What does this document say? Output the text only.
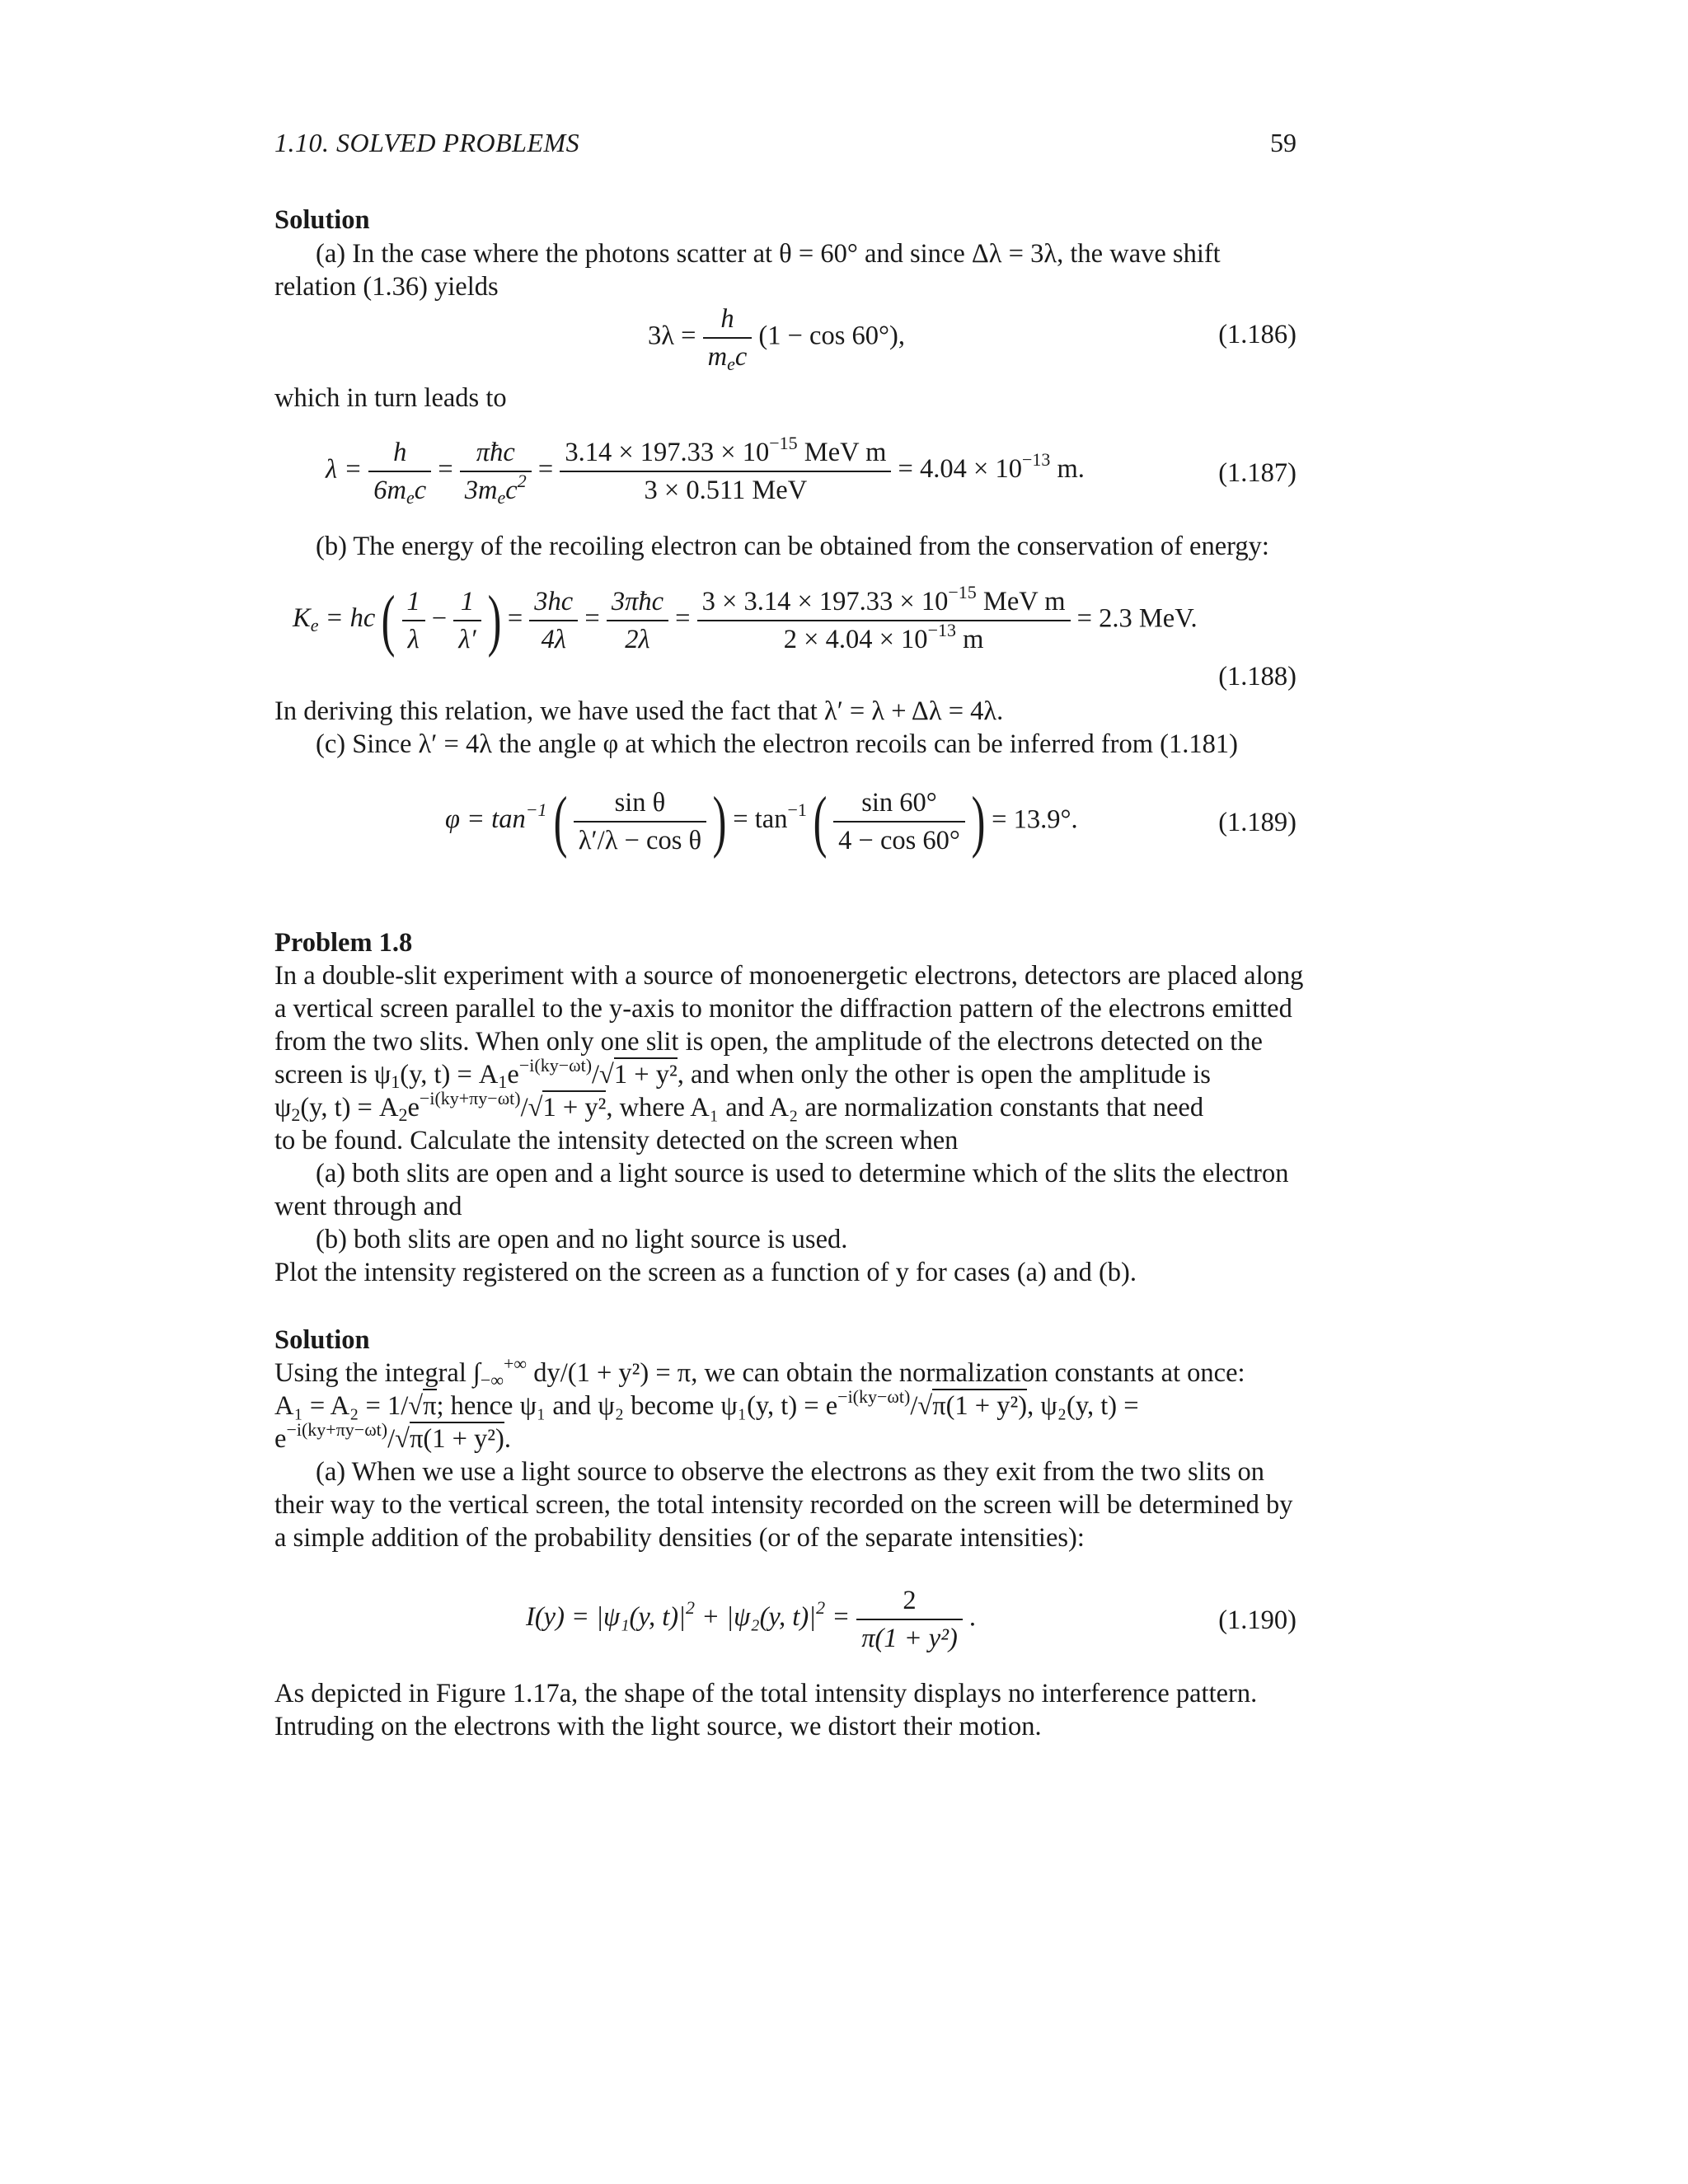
1.10. SOLVED PROBLEMS	59
Solution
(a) In the case where the photons scatter at θ = 60° and since Δλ = 3λ, the wave shift
relation (1.36) yields
$3\lambda = \frac{h}{m_ec} (1 - \cos 60^\circ)$,	(1.186)
which in turn leads to
$\lambda = \frac{h}{6m_ec} = \frac{\text{πħc}}{3m_ec^2} = \frac{3.14 \times 197.33 \times 10^{-15} MeV m}{\text{3 × 0.511 MeV}} = 4.04 \times 10^{-13}$ m.	(1.187)
(b) The energy of the recoiling electron can be obtained from the conservation of energy:
$K_e$ = hc ( $\frac{1}{\lambda} - \frac{1}{\lambda'}$ ) = $\frac{3hc}{4\lambda} = \frac{\text{3πħc}}{2\lambda} = \frac{3 \times 3.14 \times 197.33 \times 10^{-15} MeV m}{2 \times 4.04 \times 10^{-13} m} = 2.3$ MeV.
(1.188)
In deriving this relation, we have used the fact that λ′ = λ + Δλ = 4λ.
(c) Since λ′ = 4λ the angle φ at which the electron recoils can be inferred from (1.181)
$\varphi = \tan^{-1}$ ( $\frac{\text{sin θ}}{\text{λ′/λ − cos θ}}$ ) = $\tan^{-1}$ ( $\frac{\sin 60^\circ}{4 - \cos 60^\circ}$ ) = 13.9°.	(1.189)
Problem 1.8
In a double-slit experiment with a source of monoenergetic electrons, detectors are placed along
a vertical screen parallel to the y-axis to monitor the diffraction pattern of the electrons emitted
from the two slits. When only one slit is open, the amplitude of the electrons detected on the
screen is $\psi_1(y$, $t) = A_1e^{-i(ky-\omega t)}/√1 + y^2$, and when only the other is open the amplitude is
$\psi_2(y$, $t) = A_2e^{-i(ky+\pi y-\omega t)}/√1 + y^2$, where A₁ and A₂ are normalization constants that need
to be found. Calculate the intensity detected on the screen when
(a) both slits are open and a light source is used to determine which of the slits the electron
went through and
(b) both slits are open and no light source is used.
Plot the intensity registered on the screen as a function of y for cases (a) and (b).
Solution
Using the integral $\int_{-\infty}^{+\infty}$ dy/(1 + y²) = π, we can obtain the normalization constants at once:
A₁ = A₂ = 1/√π; hence ψ₁ and ψ₂ become ψ₁(y, $t) = e^{-i(ky-\omega t)}/√\pi(1 + y^2)$, ψ₂(y, t) =
$e^{-i(ky+\pi y-\omega t)}/√\pi(1 + y^2)$.
(a) When we use a light source to observe the electrons as they exit from the two slits on
their way to the vertical screen, the total intensity recorded on the screen will be determined by
a simple addition of the probability densities (or of the separate intensities):
I(y) = |ψ₁(y, $t)|^2 + |\psi_2(y$, $t)|^2 = \frac{2}{\text{π(1 + y²)}}$ .	(1.190)
As depicted in Figure 1.17a, the shape of the total intensity displays no interference pattern.
Intruding on the electrons with the light source, we distort their motion.
